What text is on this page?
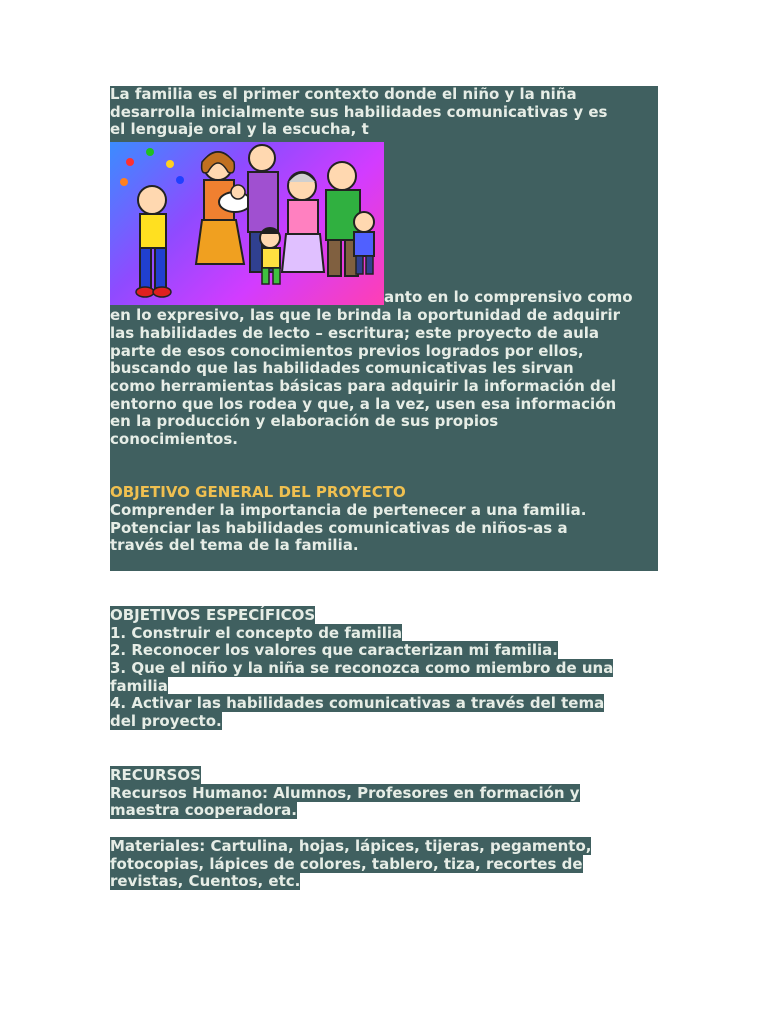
La familia es el primer contexto donde el niño y la niña
desarrolla inicialmente sus habilidades comunicativas y es
el lenguaje oral y la escucha, t
anto en lo comprensivo como
en lo expresivo, las que le brinda la oportunidad de adquirir
las habilidades de lecto – escritura; este proyecto de aula
parte de esos conocimientos previos logrados por ellos,
buscando que las habilidades comunicativas les sirvan
como herramientas básicas para adquirir la información del
entorno que los rodea y que, a la vez, usen esa información
en la producción y elaboración de sus propios
conocimientos.
OBJETIVO GENERAL DEL PROYECTO
Comprender la importancia de pertenecer a una familia.
Potenciar las habilidades comunicativas de niños-as a
través del tema de la familia.
OBJETIVOS ESPECÍFICOS
1. Construir el concepto de familia
2. Reconocer los valores que caracterizan mi familia.
3. Que el niño y la niña se reconozca como miembro de una
familia
4. Activar las habilidades comunicativas a través del tema
del proyecto.
RECURSOS
Recursos Humano: Alumnos, Profesores en formación y
maestra cooperadora.
Materiales: Cartulina, hojas, lápices, tijeras, pegamento,
fotocopias, lápices de colores, tablero, tiza, recortes de
revistas, Cuentos, etc.
